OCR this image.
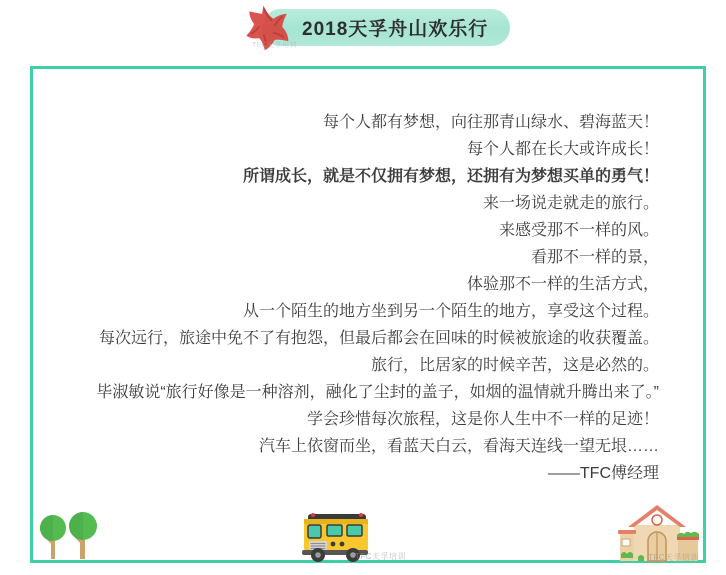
2018天孚舟山欢乐行
TFC天孚培训
每个人都有梦想，向往那青山绿水、碧海蓝天！
每个人都在长大或许成长！
所谓成长，就是不仅拥有梦想，还拥有为梦想买单的勇气！
来一场说走就走的旅行。
来感受那不一样的风。
看那不一样的景，
体验那不一样的生活方式，
从一个陌生的地方坐到另一个陌生的地方，享受这个过程。
每次远行，旅途中免不了有抱怨，但最后都会在回味的时候被旅途的收获覆盖。
旅行，比居家的时候辛苦，这是必然的。
毕淑敏说“旅行好像是一种溶剂，融化了尘封的盖子，如烟的温情就升腾出来了。”
学会珍惜每次旅程，这是你人生中不一样的足迹！
汽车上依窗而坐，看蓝天白云，看海天连线一望无垠……
——TFC傅经理
TFC天孚培训	TFC天孚培训
